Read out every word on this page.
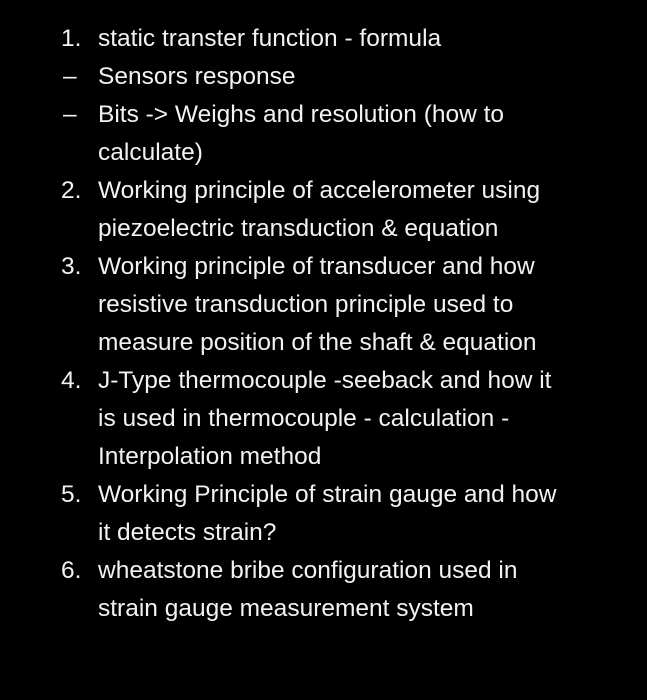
1. static transter function - formula
– Sensors response
– Bits -> Weighs and resolution (how to
calculate)
2. Working principle of accelerometer using
piezoelectric transduction & equation
3. Working principle of transducer and how
resistive transduction principle used to
measure position of the shaft & equation
4. J-Type thermocouple -seeback and how it
is used in thermocouple - calculation -
Interpolation method
5. Working Principle of strain gauge and how
it detects strain?
6. wheatstone bribe configuration used in
strain gauge measurement system
